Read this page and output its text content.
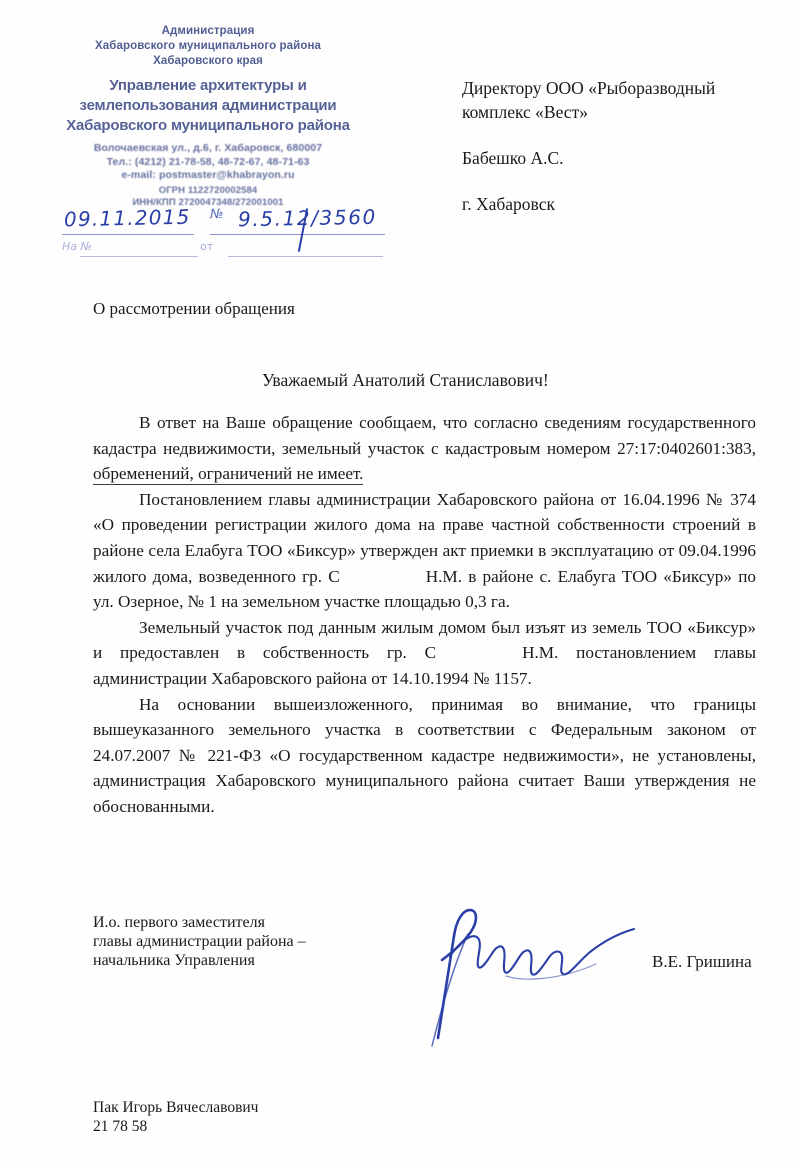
Администрация
Хабаровского муниципального района
Хабаровского края
Управление архитектуры и
землепользования администрации
Хабаровского муниципального района
Волочаевская ул., д.6, г. Хабаровск, 680007
Тел.: (4212) 21-78-58, 48-72-67, 48-71-63
e-mail: postmaster@khabrayon.ru
ОГРН 1122720002584
ИНН/КПП 2720047348/272001001
09.11.2015 № 9.5.12/3560
На №	от
Директору ООО «Рыборазводный
комплекс «Вест»
Бабешко А.С.
г. Хабаровск
О рассмотрении обращения
Уважаемый Анатолий Станиславович!

В ответ на Ваше обращение сообщаем, что согласно сведениям государственного кадастра недвижимости, земельный участок с кадастровым номером 27:17:0402601:383, обременений, ограничений не имеет.

Постановлением главы администрации Хабаровского района от 16.04.1996 № 374 «О проведении регистрации жилого дома на праве частной собственности строений в районе села Елабуга ТОО «Биксур» утвержден акт приемки в эксплуатацию от 09.04.1996 жилого дома, возведенного гр. С	Н.М. в районе с. Елабуга ТОО «Биксур» по ул. Озерное, № 1 на земельном участке площадью 0,3 га.

Земельный участок под данным жилым домом был изъят из земель ТОО «Биксур» и предоставлен в собственность гр. С	Н.М. постановлением главы администрации Хабаровского района от 14.10.1994 № 1157.

На основании вышеизложенного, принимая во внимание, что границы вышеуказанного земельного участка в соответствии с Федеральным законом от 24.07.2007 № 221-ФЗ «О государственном кадастре недвижимости», не установлены, администрация Хабаровского муниципального района считает Ваши утверждения не обоснованными.

И.о. первого заместителя
главы администрации района –
начальника Управления	В.Е. Гришина
Пак Игорь Вячеславович
21 78 58
